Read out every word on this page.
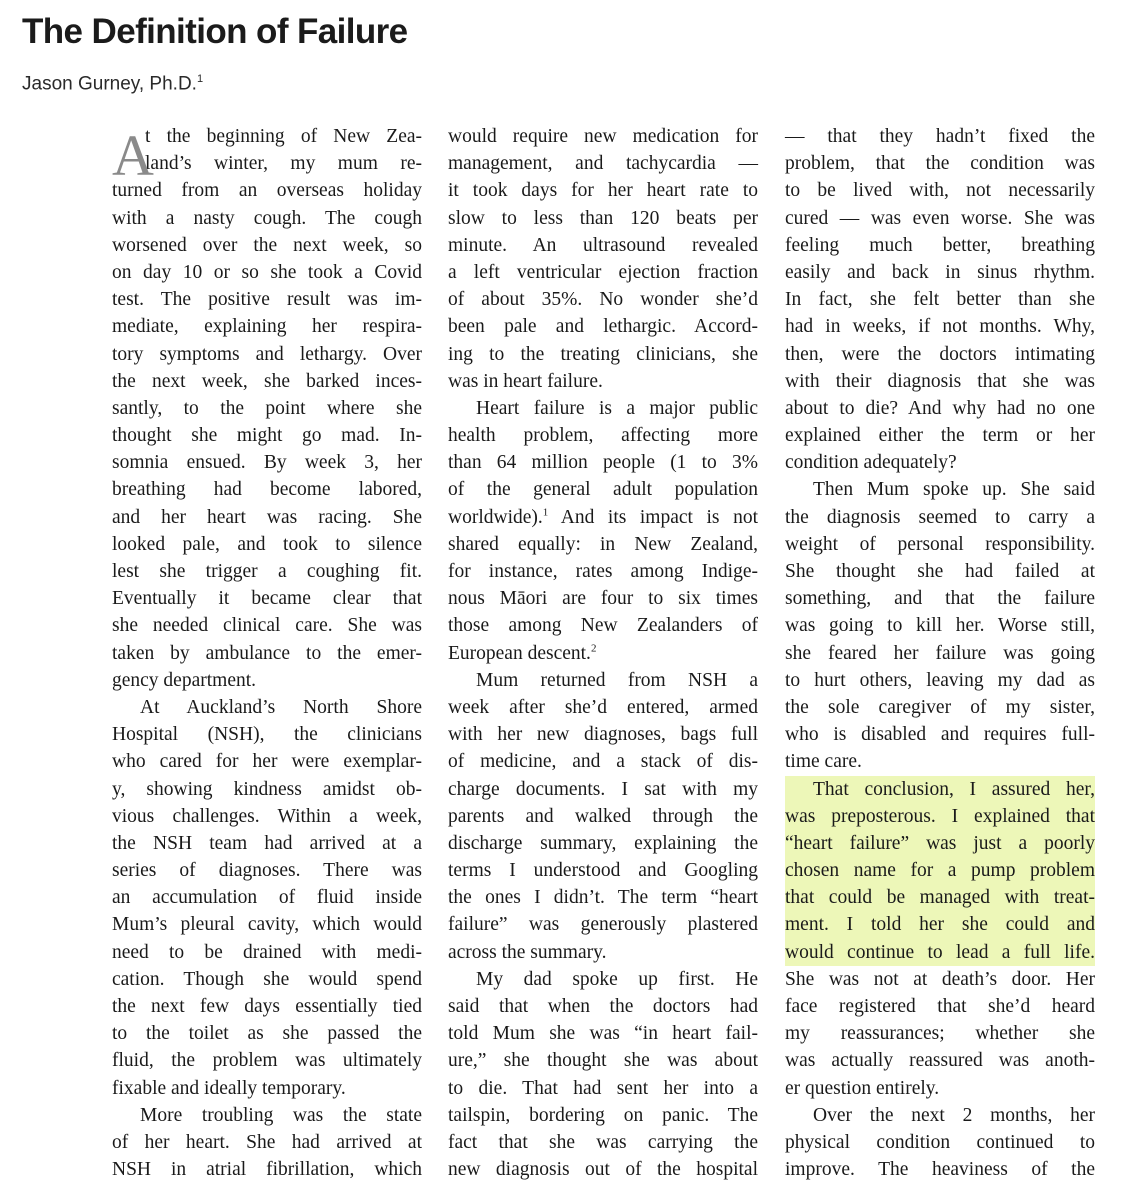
The Definition of Failure
Jason Gurney, Ph.D.$^1$
A
t the beginning of New Zea-
land’s winter, my mum re-
turned from an overseas holiday
with a nasty cough. The cough
worsened over the next week, so
on day 10 or so she took a Covid
test. The positive result was im-
mediate, explaining her respira-
tory symptoms and lethargy. Over
the next week, she barked inces-
santly, to the point where she
thought she might go mad. In-
somnia ensued. By week 3, her
breathing had become labored,
and her heart was racing. She
looked pale, and took to silence
lest she trigger a coughing fit.
Eventually it became clear that
she needed clinical care. She was
taken by ambulance to the emer-
gency department.
At Auckland’s North Shore
Hospital (NSH), the clinicians
who cared for her were exemplar-
y, showing kindness amidst ob-
vious challenges. Within a week,
the NSH team had arrived at a
series of diagnoses. There was
an accumulation of fluid inside
Mum’s pleural cavity, which would
need to be drained with medi-
cation. Though she would spend
the next few days essentially tied
to the toilet as she passed the
fluid, the problem was ultimately
fixable and ideally temporary.
More troubling was the state
of her heart. She had arrived at
NSH in atrial fibrillation, which
would require new medication for
management, and tachycardia —
it took days for her heart rate to
slow to less than 120 beats per
minute. An ultrasound revealed
a left ventricular ejection fraction
of about 35%. No wonder she’d
been pale and lethargic. Accord-
ing to the treating clinicians, she
was in heart failure.
Heart failure is a major public
health problem, affecting more
than 64 million people (1 to 3%
of the general adult population
worldwide).$^1$ And its impact is not
shared equally: in New Zealand,
for instance, rates among Indige-
nous Māori are four to six times
those among New Zealanders of
European descent.$^2$
Mum returned from NSH a
week after she’d entered, armed
with her new diagnoses, bags full
of medicine, and a stack of dis-
charge documents. I sat with my
parents and walked through the
discharge summary, explaining the
terms I understood and Googling
the ones I didn’t. The term “heart
failure” was generously plastered
across the summary.
My dad spoke up first. He
said that when the doctors had
told Mum she was “in heart fail-
ure,” she thought she was about
to die. That had sent her into a
tailspin, bordering on panic. The
fact that she was carrying the
new diagnosis out of the hospital
— that they hadn’t fixed the
problem, that the condition was
to be lived with, not necessarily
cured — was even worse. She was
feeling much better, breathing
easily and back in sinus rhythm.
In fact, she felt better than she
had in weeks, if not months. Why,
then, were the doctors intimating
with their diagnosis that she was
about to die? And why had no one
explained either the term or her
condition adequately?
Then Mum spoke up. She said
the diagnosis seemed to carry a
weight of personal responsibility.
She thought she had failed at
something, and that the failure
was going to kill her. Worse still,
she feared her failure was going
to hurt others, leaving my dad as
the sole caregiver of my sister,
who is disabled and requires full-
time care.
That conclusion, I assured her,
was preposterous. I explained that
“heart failure” was just a poorly
chosen name for a pump problem
that could be managed with treat-
ment. I told her she could and
would continue to lead a full life.
She was not at death’s door. Her
face registered that she’d heard
my reassurances; whether she
was actually reassured was anoth-
er question entirely.
Over the next 2 months, her
physical condition continued to
improve. The heaviness of the
